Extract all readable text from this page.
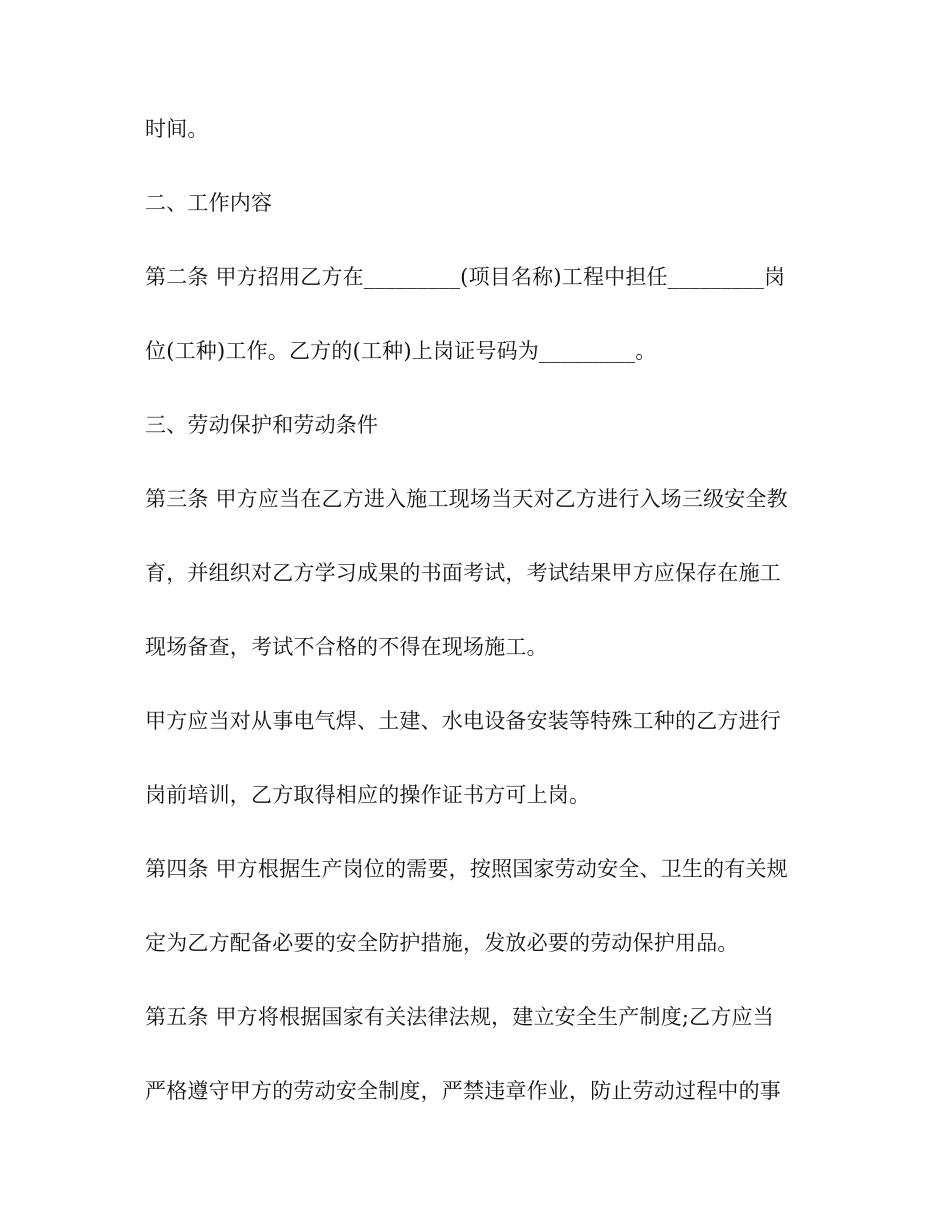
时间。
二、工作内容
第二条 甲方招用乙方在_________(项目名称)工程中担任_________岗
位(工种)工作。乙方的(工种)上岗证号码为_________。
三、劳动保护和劳动条件
第三条 甲方应当在乙方进入施工现场当天对乙方进行入场三级安全教
育，并组织对乙方学习成果的书面考试，考试结果甲方应保存在施工
现场备查，考试不合格的不得在现场施工。
甲方应当对从事电气焊、土建、水电设备安装等特殊工种的乙方进行
岗前培训，乙方取得相应的操作证书方可上岗。
第四条 甲方根据生产岗位的需要，按照国家劳动安全、卫生的有关规
定为乙方配备必要的安全防护措施，发放必要的劳动保护用品。
第五条 甲方将根据国家有关法律法规，建立安全生产制度;乙方应当
严格遵守甲方的劳动安全制度，严禁违章作业，防止劳动过程中的事
